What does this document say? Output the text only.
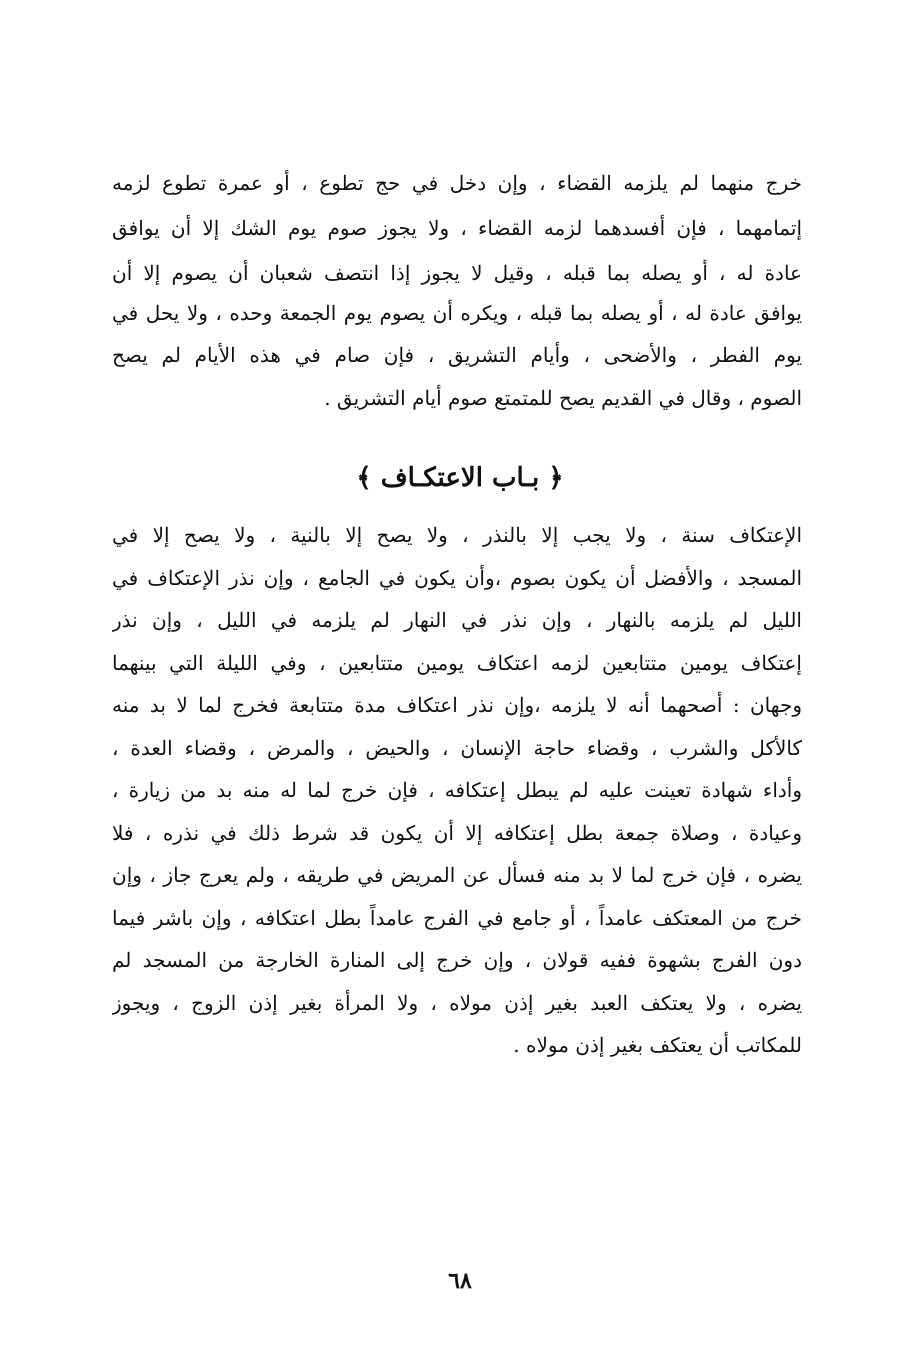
خرج منهما لم يلزمه القضاء ، وإن دخل في حج تطوع ، أو عمرة تطوع لزمه
إتمامهما ، فإن أفسدهما لزمه القضاء ، ولا يجوز صوم يوم الشك إلا أن يوافق
عادة له ، أو يصله بما قبله ، وقيل لا يجوز إذا انتصف شعبان أن يصوم إلا أن
يوافق عادة له ، أو يصله بما قبله ، ويكره أن يصوم يوم الجمعة وحده ، ولا يحل في
يوم الفطر ، والأضحى ، وأيام التشريق ، فإن صام في هذه الأيام لم يصح
الصوم ، وقال في القديم يصح للمتمتع صوم أيام التشريق .
﴿ بـاب الاعتكـاف ﴾
الإعتكاف سنة ، ولا يجب إلا بالنذر ، ولا يصح إلا بالنية ، ولا يصح إلا في
المسجد ، والأفضل أن يكون بصوم ،وأن يكون في الجامع ، وإن نذر الإعتكاف في
الليل لم يلزمه بالنهار ، وإن نذر في النهار لم يلزمه في الليل ، وإن نذر
إعتكاف يومين متتابعين لزمه اعتكاف يومين متتابعين ، وفي الليلة التي بينهما
وجهان : أصحهما أنه لا يلزمه ،وإن نذر اعتكاف مدة متتابعة فخرج لما لا بد منه
كالأكل والشرب ، وقضاء حاجة الإنسان ، والحيض ، والمرض ، وقضاء العدة ،
وأداء شهادة تعينت عليه لم يبطل إعتكافه ، فإن خرج لما له منه بد من زيارة ،
وعيادة ، وصلاة جمعة بطل إعتكافه إلا أن يكون قد شرط ذلك في نذره ، فلا
يضره ، فإن خرج لما لا بد منه فسأل عن المريض في طريقه ، ولم يعرج جاز ، وإن
خرج من المعتكف عامداً ، أو جامع في الفرج عامداً بطل اعتكافه ، وإن باشر فيما
دون الفرج بشهوة ففيه قولان ، وإن خرج إلى المنارة الخارجة من المسجد لم
يضره ، ولا يعتكف العبد بغير إذن مولاه ، ولا المرأة بغير إذن الزوج ، ويجوز
للمكاتب أن يعتكف بغير إذن مولاه .
٦٨
